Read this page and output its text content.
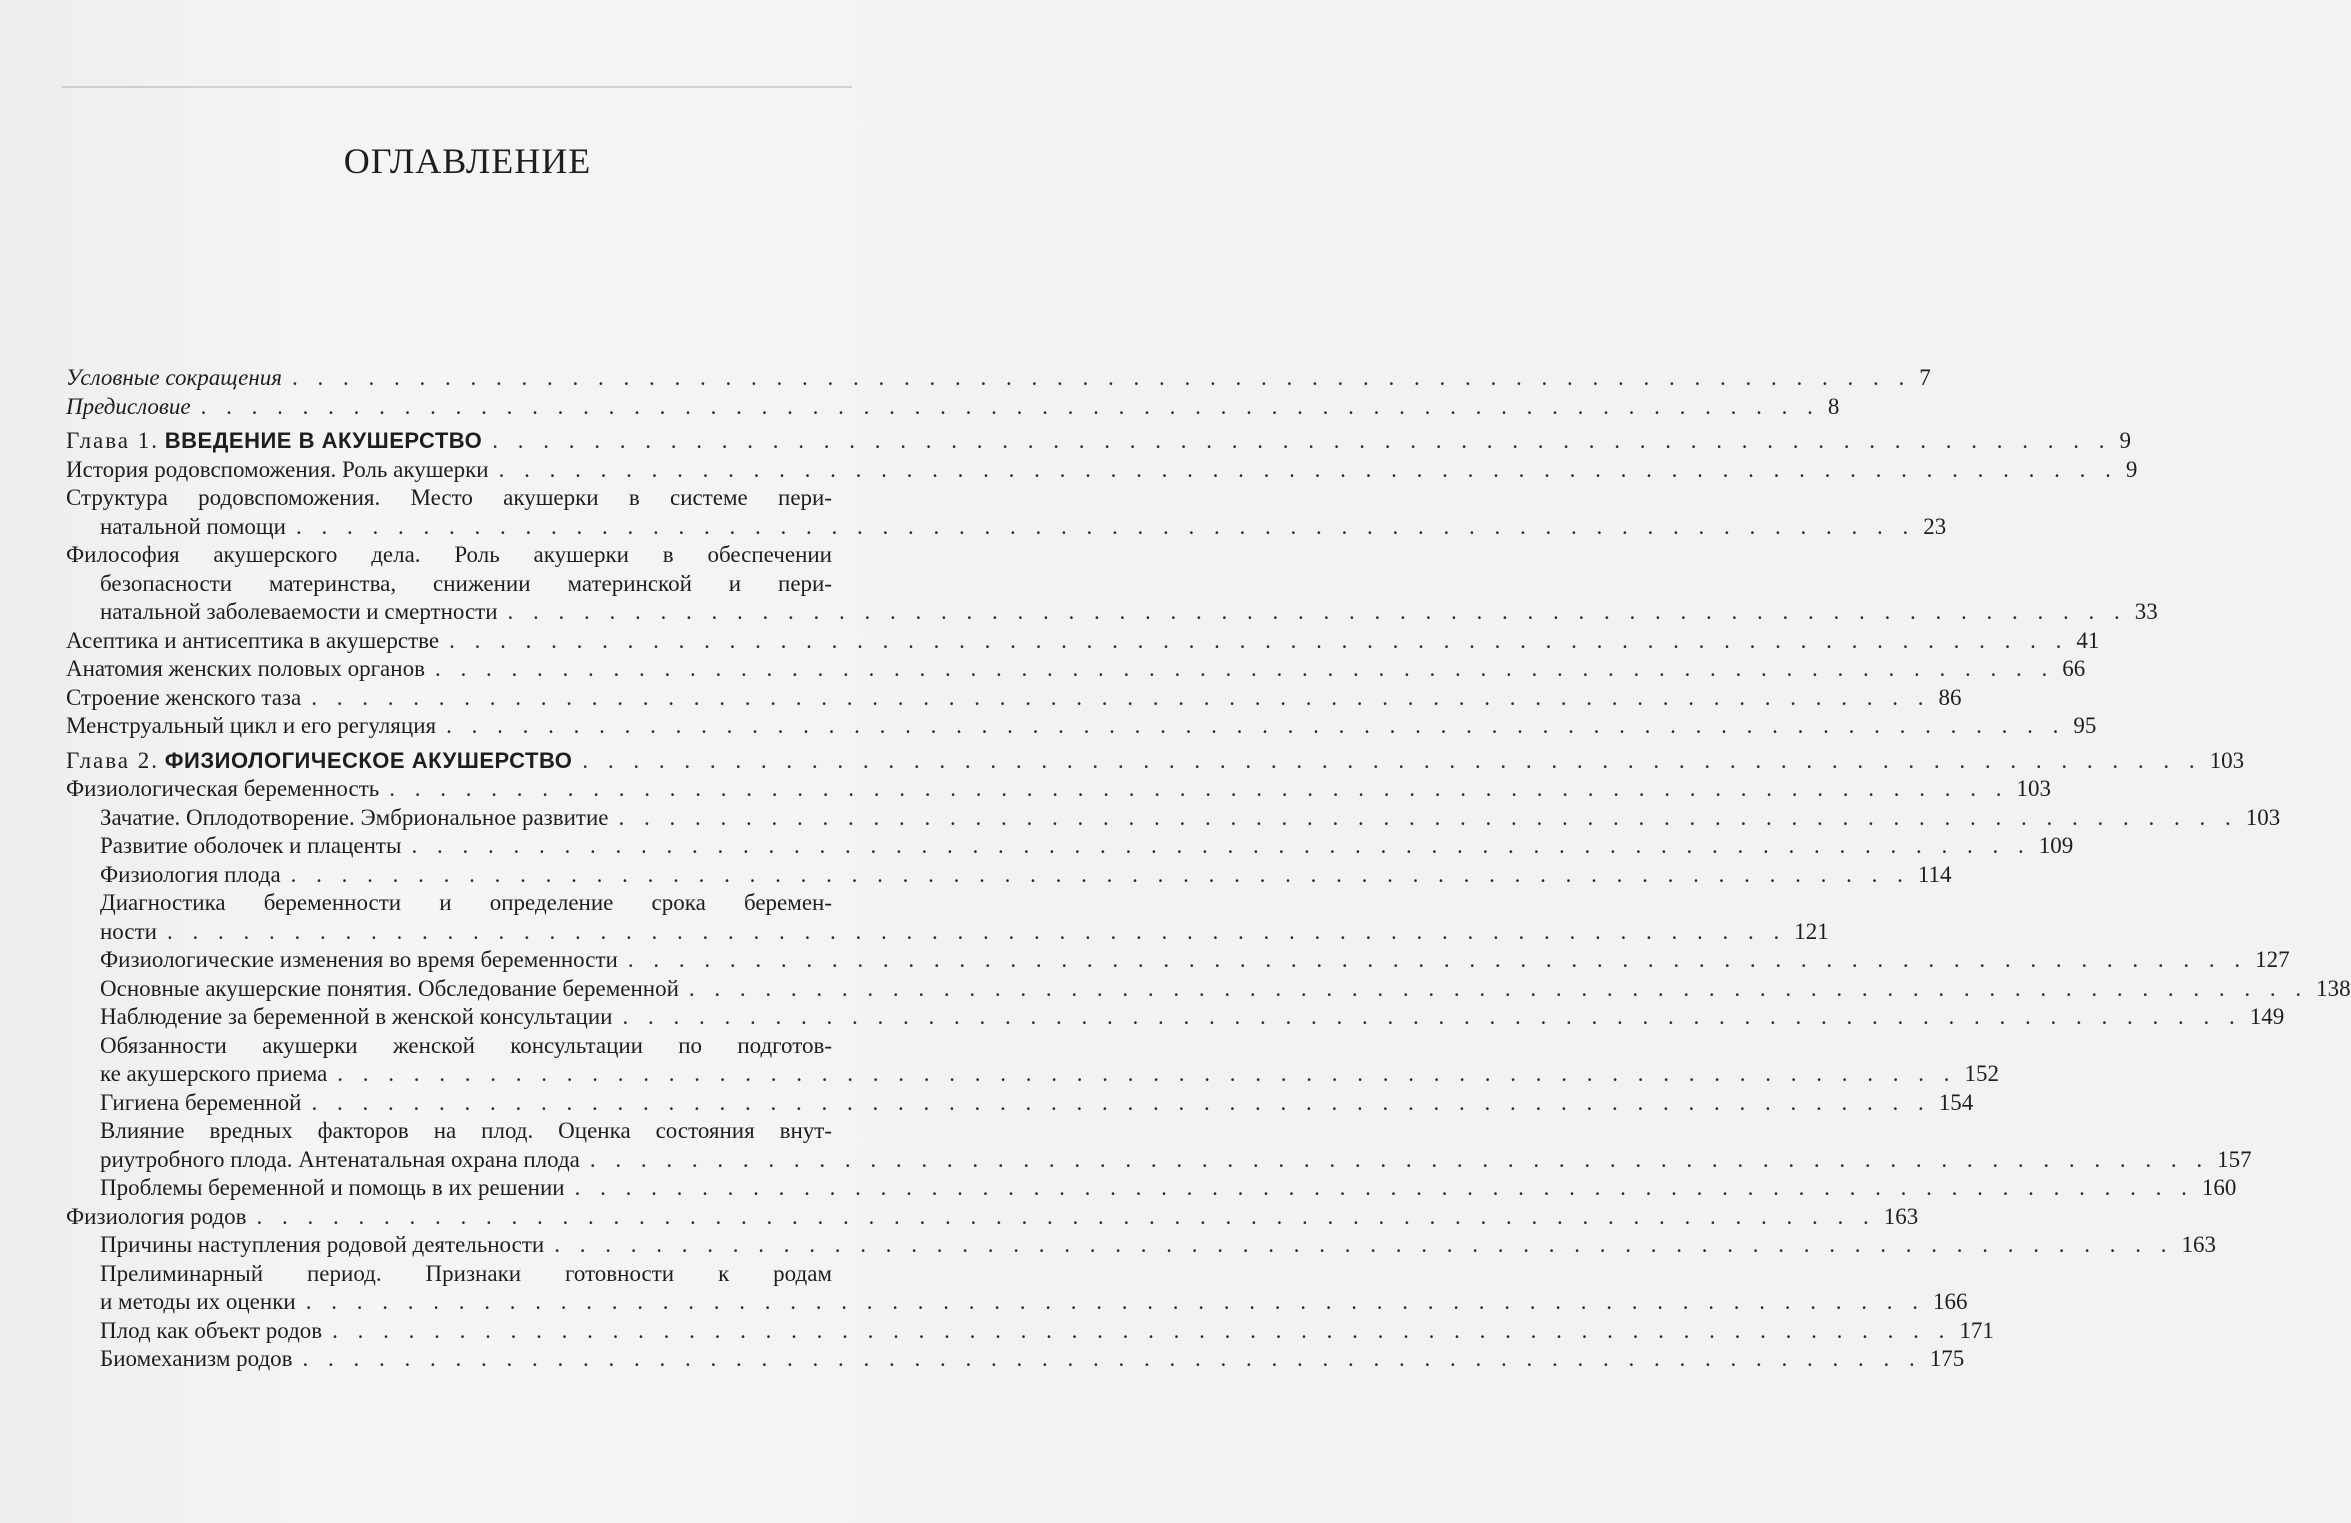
ОГЛАВЛЕНИЕ
Условные сокращения . . . . . . . . . . . . . . . . . . . . . . . . . . . . . . . . . . . . . . . . . . . . . . . . . . . . . . . . . . . . . . . . 7
Предисловие . . . . . . . . . . . . . . . . . . . . . . . . . . . . . . . . . . . . . . . . . . . . . . . . . . . . . . . . . . . . . . . . 8
Глава 1. ВВЕДЕНИЕ В АКУШЕРСТВО . . . . . . . . . . . . . . . . . . . . . . . . . . . . . . . . . . . . . . . . . . . . . . . . . . . . . . . . . . . . . . . . 9
История родовспоможения. Роль акушерки . . . . . . . . . . . . . . . . . . . . . . . . . . . . . . . . . . . . . . . . . . . . . . . . . . . . . . . . . . . . . . . . 9
Структура родовспоможения. Место акушерки в системе пери-
натальной помощи . . . . . . . . . . . . . . . . . . . . . . . . . . . . . . . . . . . . . . . . . . . . . . . . . . . . . . . . . . . . . . . . 23
Философия акушерского дела. Роль акушерки в обеспечении
безопасности материнства, снижении материнской и пери-
натальной заболеваемости и смертности . . . . . . . . . . . . . . . . . . . . . . . . . . . . . . . . . . . . . . . . . . . . . . . . . . . . . . . . . . . . . . . . 33
Асептика и антисептика в акушерстве . . . . . . . . . . . . . . . . . . . . . . . . . . . . . . . . . . . . . . . . . . . . . . . . . . . . . . . . . . . . . . . . 41
Анатомия женских половых органов . . . . . . . . . . . . . . . . . . . . . . . . . . . . . . . . . . . . . . . . . . . . . . . . . . . . . . . . . . . . . . . . 66
Строение женского таза . . . . . . . . . . . . . . . . . . . . . . . . . . . . . . . . . . . . . . . . . . . . . . . . . . . . . . . . . . . . . . . . 86
Менструальный цикл и его регуляция . . . . . . . . . . . . . . . . . . . . . . . . . . . . . . . . . . . . . . . . . . . . . . . . . . . . . . . . . . . . . . . . 95
Глава 2. ФИЗИОЛОГИЧЕСКОЕ АКУШЕРСТВО . . . . . . . . . . . . . . . . . . . . . . . . . . . . . . . . . . . . . . . . . . . . . . . . . . . . . . . . . . . . . . . . 103
Физиологическая беременность . . . . . . . . . . . . . . . . . . . . . . . . . . . . . . . . . . . . . . . . . . . . . . . . . . . . . . . . . . . . . . . . 103
Зачатие. Оплодотворение. Эмбриональное развитие . . . . . . . . . . . . . . . . . . . . . . . . . . . . . . . . . . . . . . . . . . . . . . . . . . . . . . . . . . . . . . . . 103
Развитие оболочек и плаценты . . . . . . . . . . . . . . . . . . . . . . . . . . . . . . . . . . . . . . . . . . . . . . . . . . . . . . . . . . . . . . . . 109
Физиология плода . . . . . . . . . . . . . . . . . . . . . . . . . . . . . . . . . . . . . . . . . . . . . . . . . . . . . . . . . . . . . . . . 114
Диагностика беременности и определение срока беремен-
ности . . . . . . . . . . . . . . . . . . . . . . . . . . . . . . . . . . . . . . . . . . . . . . . . . . . . . . . . . . . . . . . . 121
Физиологические изменения во время беременности . . . . . . . . . . . . . . . . . . . . . . . . . . . . . . . . . . . . . . . . . . . . . . . . . . . . . . . . . . . . . . . . 127
Основные акушерские понятия. Обследование беременной . . . . . . . . . . . . . . . . . . . . . . . . . . . . . . . . . . . . . . . . . . . . . . . . . . . . . . . . . . . . . . . . 138
Наблюдение за беременной в женской консультации . . . . . . . . . . . . . . . . . . . . . . . . . . . . . . . . . . . . . . . . . . . . . . . . . . . . . . . . . . . . . . . . 149
Обязанности акушерки женской консультации по подготов-
ке акушерского приема . . . . . . . . . . . . . . . . . . . . . . . . . . . . . . . . . . . . . . . . . . . . . . . . . . . . . . . . . . . . . . . . 152
Гигиена беременной . . . . . . . . . . . . . . . . . . . . . . . . . . . . . . . . . . . . . . . . . . . . . . . . . . . . . . . . . . . . . . . . 154
Влияние вредных факторов на плод. Оценка состояния внут-
риутробного плода. Антенатальная охрана плода . . . . . . . . . . . . . . . . . . . . . . . . . . . . . . . . . . . . . . . . . . . . . . . . . . . . . . . . . . . . . . . . 157
Проблемы беременной и помощь в их решении . . . . . . . . . . . . . . . . . . . . . . . . . . . . . . . . . . . . . . . . . . . . . . . . . . . . . . . . . . . . . . . . 160
Физиология родов . . . . . . . . . . . . . . . . . . . . . . . . . . . . . . . . . . . . . . . . . . . . . . . . . . . . . . . . . . . . . . . . 163
Причины наступления родовой деятельности . . . . . . . . . . . . . . . . . . . . . . . . . . . . . . . . . . . . . . . . . . . . . . . . . . . . . . . . . . . . . . . . 163
Прелиминарный период. Признаки готовности к родам
и методы их оценки . . . . . . . . . . . . . . . . . . . . . . . . . . . . . . . . . . . . . . . . . . . . . . . . . . . . . . . . . . . . . . . . 166
Плод как объект родов . . . . . . . . . . . . . . . . . . . . . . . . . . . . . . . . . . . . . . . . . . . . . . . . . . . . . . . . . . . . . . . . 171
Биомеханизм родов . . . . . . . . . . . . . . . . . . . . . . . . . . . . . . . . . . . . . . . . . . . . . . . . . . . . . . . . . . . . . . . . 175
